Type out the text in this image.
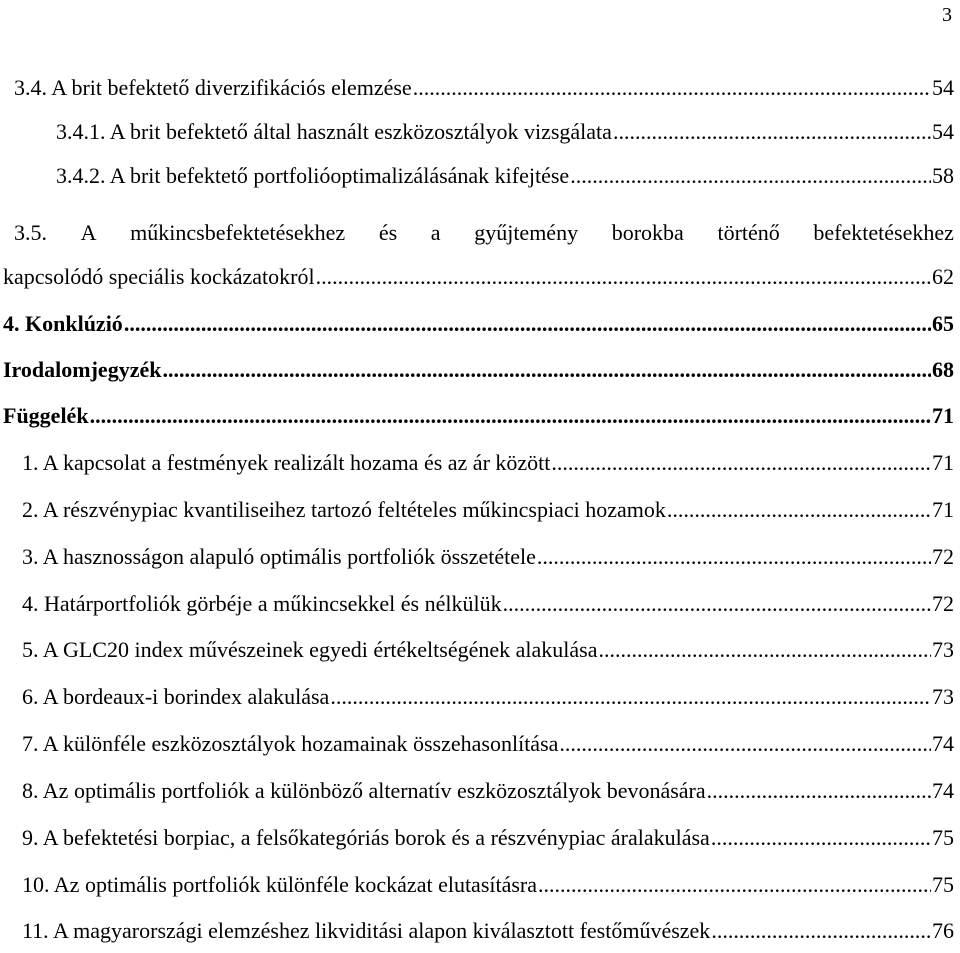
3
3.4. A brit befektető diverzifikációs elemzése .....	54
3.4.1. A brit befektető által használt eszközosztályok vizsgálata .....	54
3.4.2. A brit befektető portfolióoptimalizálásának kifejtése .....	58
3.5. A műkincsbefektetésekhez és a gyűjtemény borokba történő befektetésekhez
kapcsolódó speciális kockázatokról .....	62
4. Konklúzió .....	65
Irodalomjegyzék .....	68
Függelék .....	71
1. A kapcsolat a festmények realizált hozama és az ár között .....	71
2. A részvénypiac kvantiliseihez tartozó feltételes műkincspiaci hozamok .....	71
3. A hasznosságon alapuló optimális portfoliók összetétele .....	72
4. Határportfoliók görbéje a műkincsekkel és nélkülük .....	72
5. A GLC20 index művészeinek egyedi értékeltségének alakulása .....	73
6. A bordeaux-i borindex alakulása .....	73
7. A különféle eszközosztályok hozamainak összehasonlítása .....	74
8. Az optimális portfoliók a különböző alternatív eszközosztályok bevonására .....	74
9. A befektetési borpiac, a felsőkategóriás borok és a részvénypiac áralakulása .....	75
10. Az optimális portfoliók különféle kockázat elutasításra .....	75
11. A magyarországi elemzéshez likviditási alapon kiválasztott festőművészek .....	76
